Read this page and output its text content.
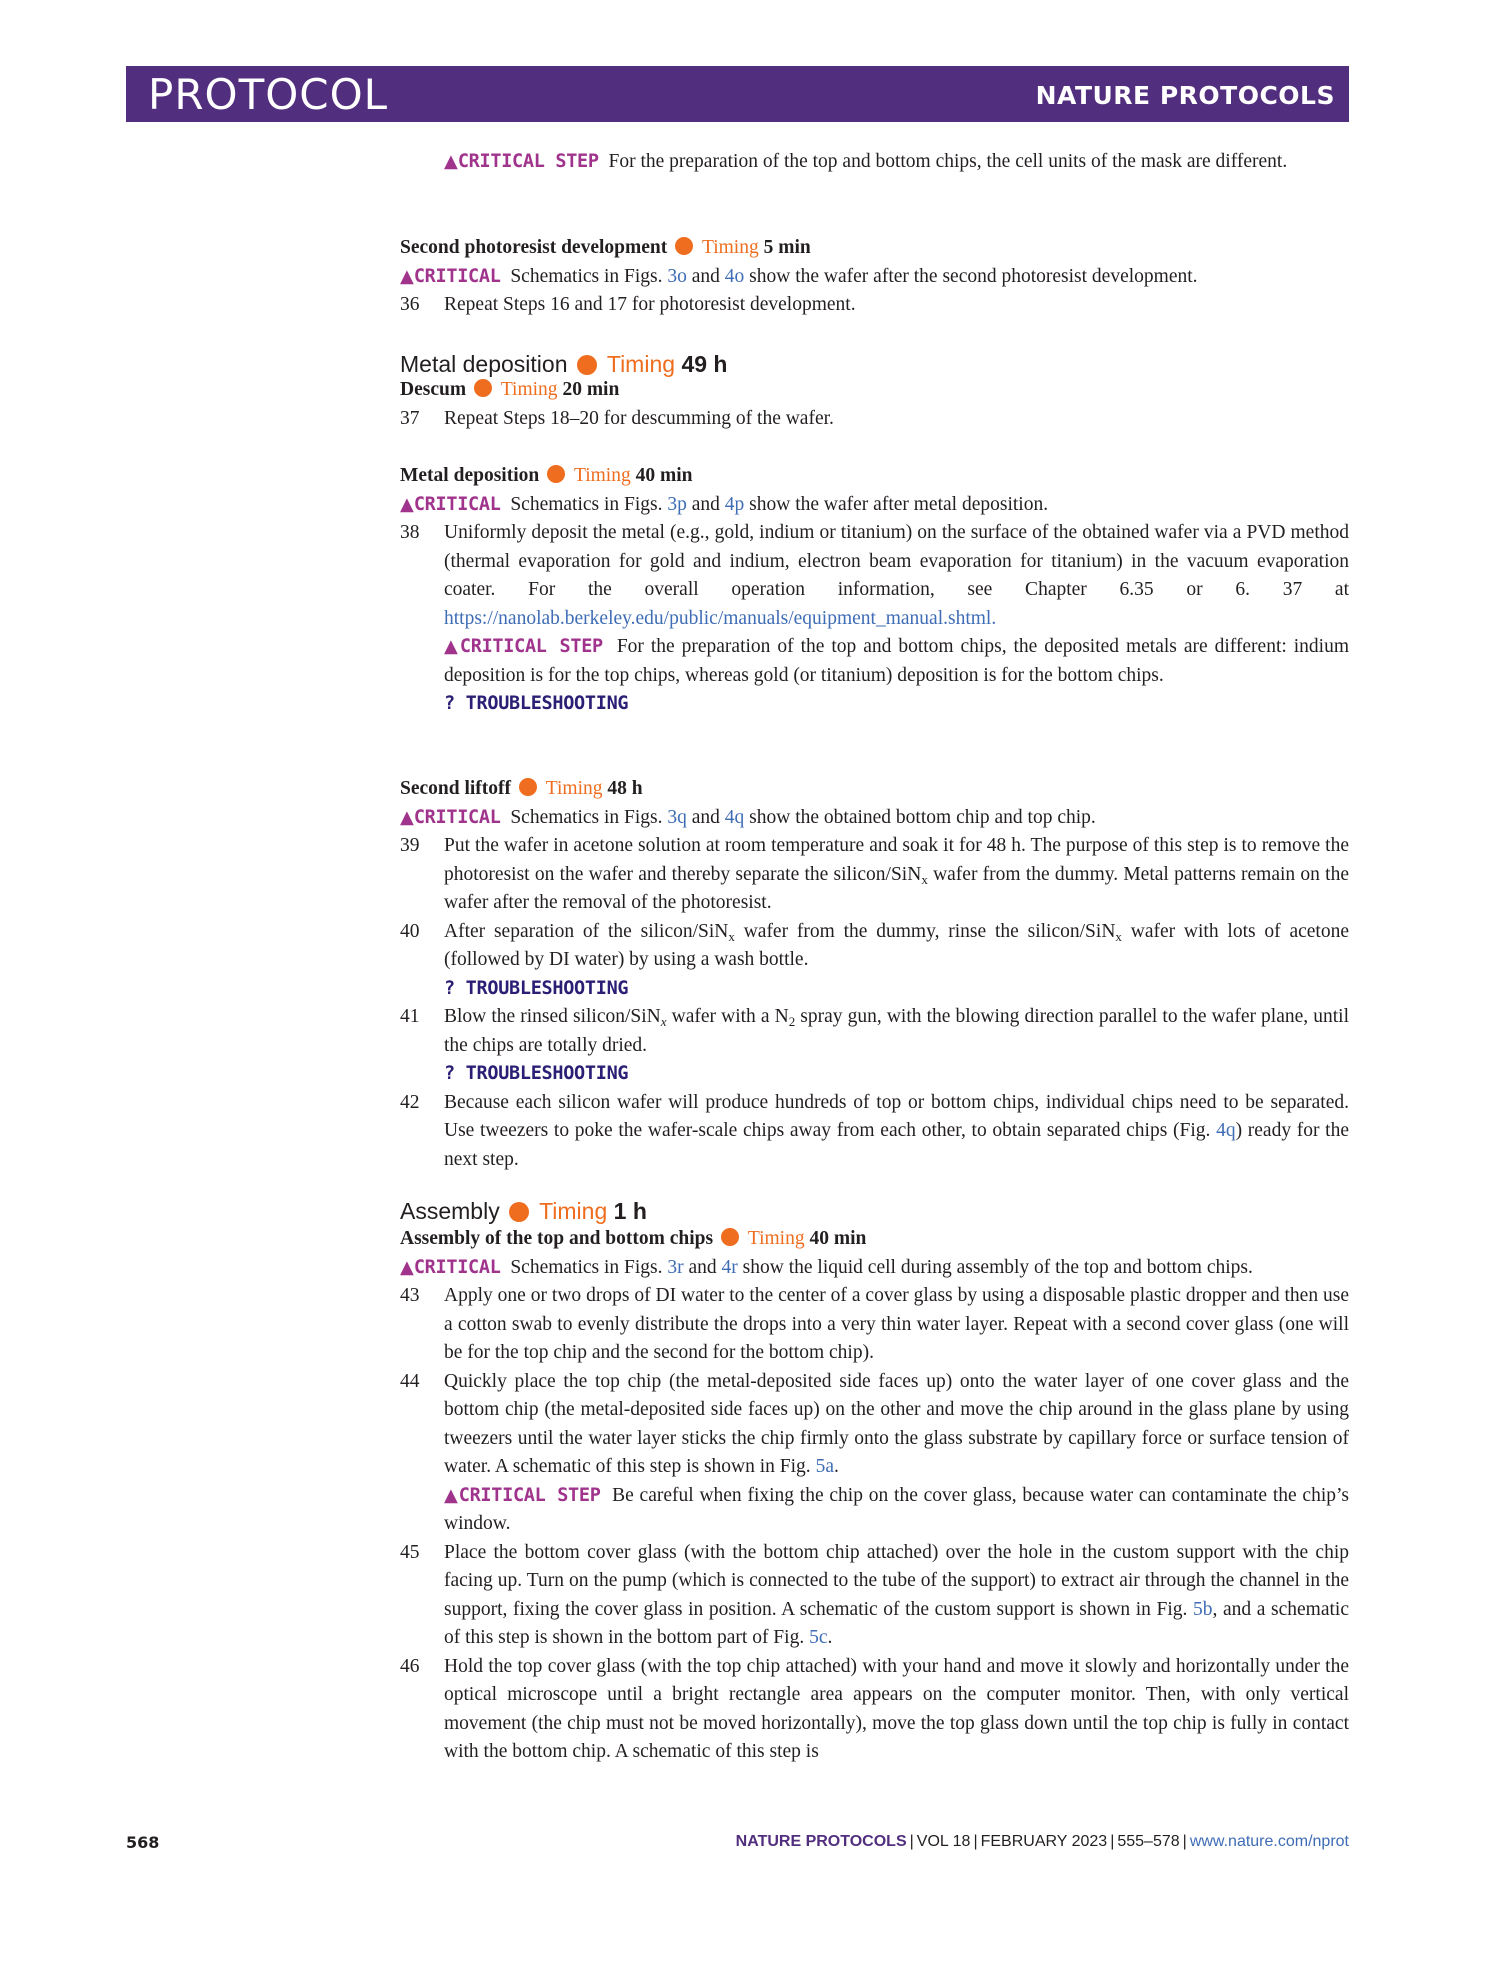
PROTOCOL	NATURE PROTOCOLS
▲CRITICAL STEP For the preparation of the top and bottom chips, the cell units of the mask are different.
Second photoresist development Timing 5 min
▲CRITICAL Schematics in Figs. 3o and 4o show the wafer after the second photoresist development.
36 Repeat Steps 16 and 17 for photoresist development.
Metal deposition Timing 49 h
Descum Timing 20 min
37 Repeat Steps 18–20 for descumming of the wafer.
Metal deposition Timing 40 min
▲CRITICAL Schematics in Figs. 3p and 4p show the wafer after metal deposition.
38 Uniformly deposit the metal (e.g., gold, indium or titanium) on the surface of the obtained wafer via a PVD method (thermal evaporation for gold and indium, electron beam evaporation for titanium) in the vacuum evaporation coater. For the overall operation information, see Chapter 6.35 or 6. 37 at https://nanolab.berkeley.edu/public/manuals/equipment_manual.shtml.
▲CRITICAL STEP For the preparation of the top and bottom chips, the deposited metals are different: indium deposition is for the top chips, whereas gold (or titanium) deposition is for the bottom chips.
? TROUBLESHOOTING
Second liftoff Timing 48 h
▲CRITICAL Schematics in Figs. 3q and 4q show the obtained bottom chip and top chip.
39 Put the wafer in acetone solution at room temperature and soak it for 48 h. The purpose of this step is to remove the photoresist on the wafer and thereby separate the silicon/SiN$_x$ wafer from the dummy. Metal patterns remain on the wafer after the removal of the photoresist.
40 After separation of the silicon/SiN$_x$ wafer from the dummy, rinse the silicon/SiN$_x$ wafer with lots of acetone (followed by DI water) by using a wash bottle.
? TROUBLESHOOTING
41 Blow the rinsed silicon/SiN$_x$ wafer with a $N_2$ spray gun, with the blowing direction parallel to the wafer plane, until the chips are totally dried.
? TROUBLESHOOTING
42 Because each silicon wafer will produce hundreds of top or bottom chips, individual chips need to be separated. Use tweezers to poke the wafer-scale chips away from each other, to obtain separated chips (Fig. 4q) ready for the next step.
Assembly Timing 1 h
Assembly of the top and bottom chips Timing 40 min
▲CRITICAL Schematics in Figs. 3r and 4r show the liquid cell during assembly of the top and bottom chips.
43 Apply one or two drops of DI water to the center of a cover glass by using a disposable plastic dropper and then use a cotton swab to evenly distribute the drops into a very thin water layer. Repeat with a second cover glass (one will be for the top chip and the second for the bottom chip).
44 Quickly place the top chip (the metal-deposited side faces up) onto the water layer of one cover glass and the bottom chip (the metal-deposited side faces up) on the other and move the chip around in the glass plane by using tweezers until the water layer sticks the chip firmly onto the glass substrate by capillary force or surface tension of water. A schematic of this step is shown in Fig. 5a.
▲CRITICAL STEP Be careful when fixing the chip on the cover glass, because water can contaminate the chip’s window.
45 Place the bottom cover glass (with the bottom chip attached) over the hole in the custom support with the chip facing up. Turn on the pump (which is connected to the tube of the support) to extract air through the channel in the support, fixing the cover glass in position. A schematic of the custom support is shown in Fig. 5b, and a schematic of this step is shown in the bottom part of Fig. 5c.
46 Hold the top cover glass (with the top chip attached) with your hand and move it slowly and horizontally under the optical microscope until a bright rectangle area appears on the computer monitor. Then, with only vertical movement (the chip must not be moved horizontally), move the top glass down until the top chip is fully in contact with the bottom chip. A schematic of this step is
568	NATURE PROTOCOLS | VOL 18 | FEBRUARY 2023 | 555–578 | www.nature.com/nprot
